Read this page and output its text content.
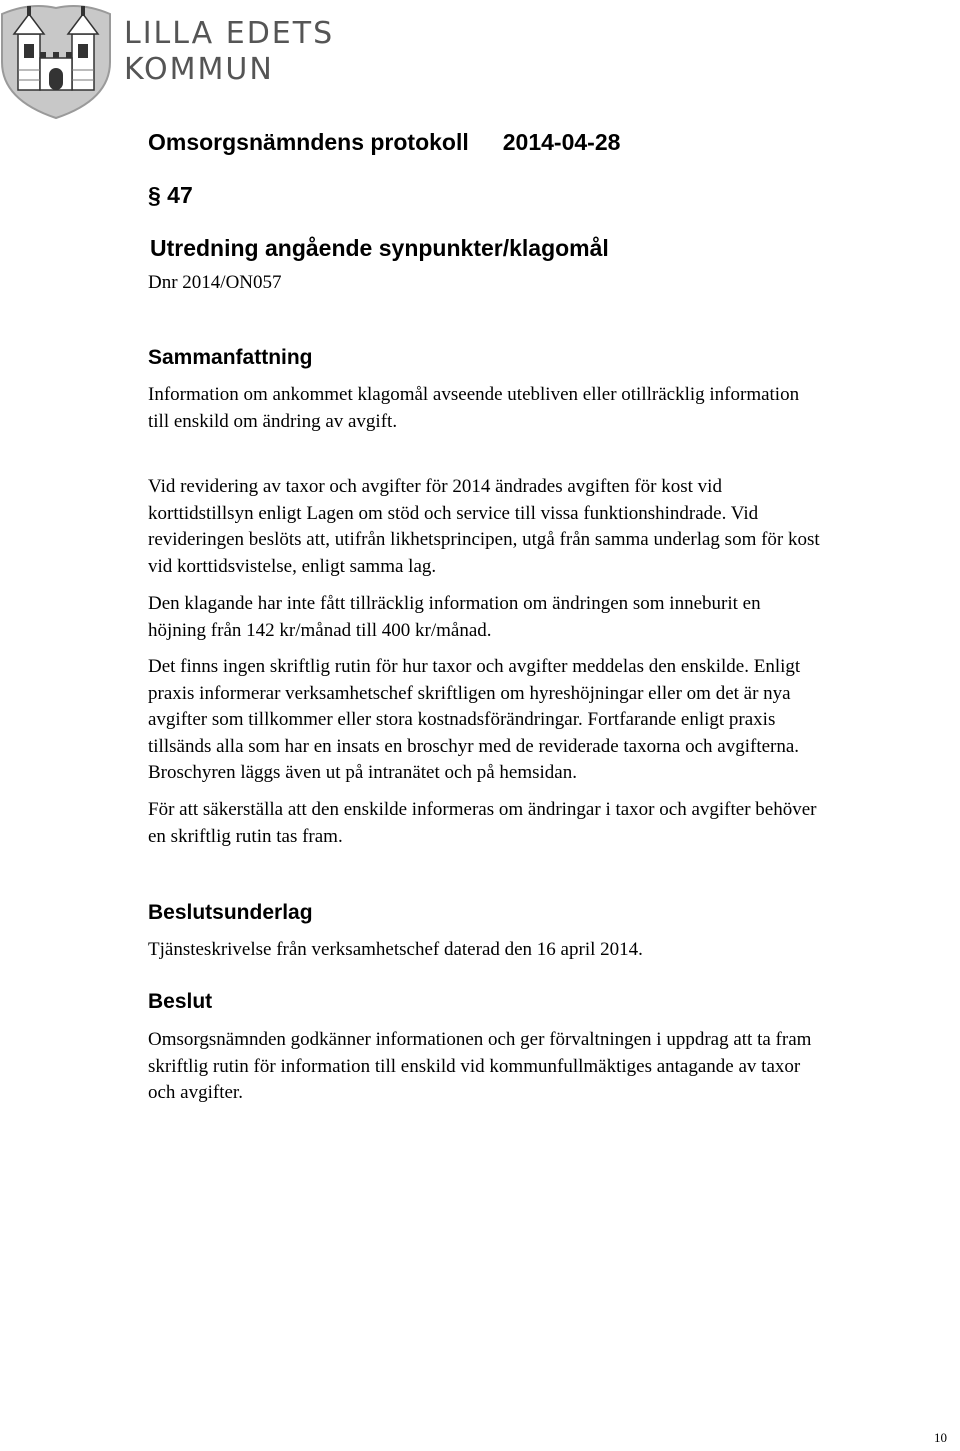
LILLA EDETS
KOMMUN
Omsorgsnämndens protokoll 2014-04-28
§ 47
Utredning angående synpunkter/klagomål
Dnr 2014/ON057
Sammanfattning
Information om ankommet klagomål avseende utebliven eller otillräcklig information
till enskild om ändring av avgift.
Vid revidering av taxor och avgifter för 2014 ändrades avgiften för kost vid
korttidstillsyn enligt Lagen om stöd och service till vissa funktionshindrade. Vid
revideringen beslöts att, utifrån likhetsprincipen, utgå från samma underlag som för kost
vid korttidsvistelse, enligt samma lag.
Den klagande har inte fått tillräcklig information om ändringen som inneburit en
höjning från 142 kr/månad till 400 kr/månad.
Det finns ingen skriftlig rutin för hur taxor och avgifter meddelas den enskilde. Enligt
praxis informerar verksamhetschef skriftligen om hyreshöjningar eller om det är nya
avgifter som tillkommer eller stora kostnadsförändringar. Fortfarande enligt praxis
tillsänds alla som har en insats en broschyr med de reviderade taxorna och avgifterna.
Broschyren läggs även ut på intranätet och på hemsidan.
För att säkerställa att den enskilde informeras om ändringar i taxor och avgifter behöver
en skriftlig rutin tas fram.
Beslutsunderlag
Tjänsteskrivelse från verksamhetschef daterad den 16 april 2014.
Beslut
Omsorgsnämnden godkänner informationen och ger förvaltningen i uppdrag att ta fram
skriftlig rutin för information till enskild vid kommunfullmäktiges antagande av taxor
och avgifter.
10
